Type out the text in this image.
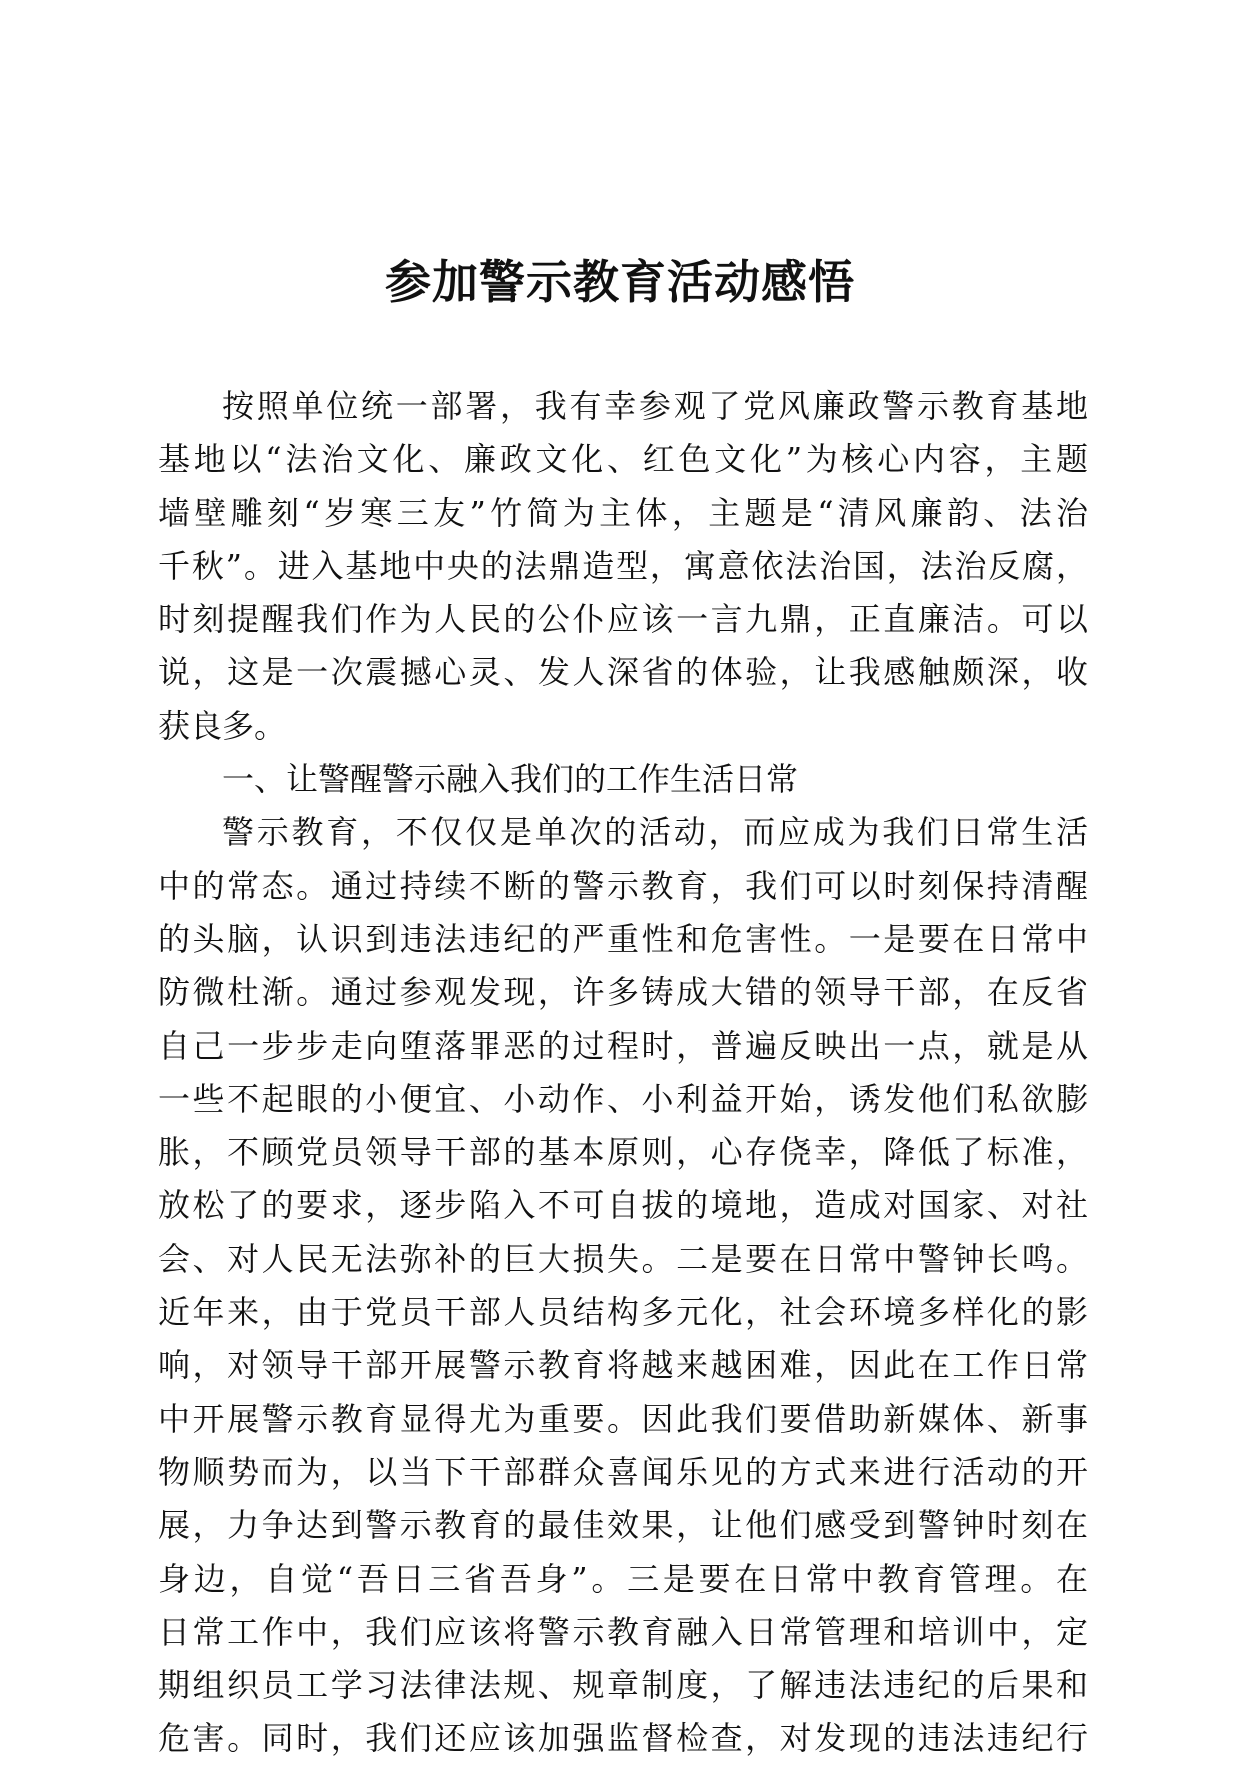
参加警示教育活动感悟
按照单位统一部署，我有幸参观了党风廉政警示教育基地
基地以“法治文化、廉政文化、红色文化”为核心内容，主题
墙壁雕刻“岁寒三友”竹简为主体，主题是“清风廉韵、法治
千秋”。进入基地中央的法鼎造型，寓意依法治国，法治反腐，
时刻提醒我们作为人民的公仆应该一言九鼎，正直廉洁。可以
说，这是一次震撼心灵、发人深省的体验，让我感触颇深，收
获良多。
一、让警醒警示融入我们的工作生活日常
警示教育，不仅仅是单次的活动，而应成为我们日常生活
中的常态。通过持续不断的警示教育，我们可以时刻保持清醒
的头脑，认识到违法违纪的严重性和危害性。一是要在日常中
防微杜渐。通过参观发现，许多铸成大错的领导干部，在反省
自己一步步走向堕落罪恶的过程时，普遍反映出一点，就是从
一些不起眼的小便宜、小动作、小利益开始，诱发他们私欲膨
胀，不顾党员领导干部的基本原则，心存侥幸，降低了标准，
放松了的要求，逐步陷入不可自拔的境地，造成对国家、对社
会、对人民无法弥补的巨大损失。二是要在日常中警钟长鸣。
近年来，由于党员干部人员结构多元化，社会环境多样化的影
响，对领导干部开展警示教育将越来越困难，因此在工作日常
中开展警示教育显得尤为重要。因此我们要借助新媒体、新事
物顺势而为，以当下干部群众喜闻乐见的方式来进行活动的开
展，力争达到警示教育的最佳效果，让他们感受到警钟时刻在
身边，自觉“吾日三省吾身”。三是要在日常中教育管理。在
日常工作中，我们应该将警示教育融入日常管理和培训中，定
期组织员工学习法律法规、规章制度，了解违法违纪的后果和
危害。同时，我们还应该加强监督检查，对发现的违法违纪行
